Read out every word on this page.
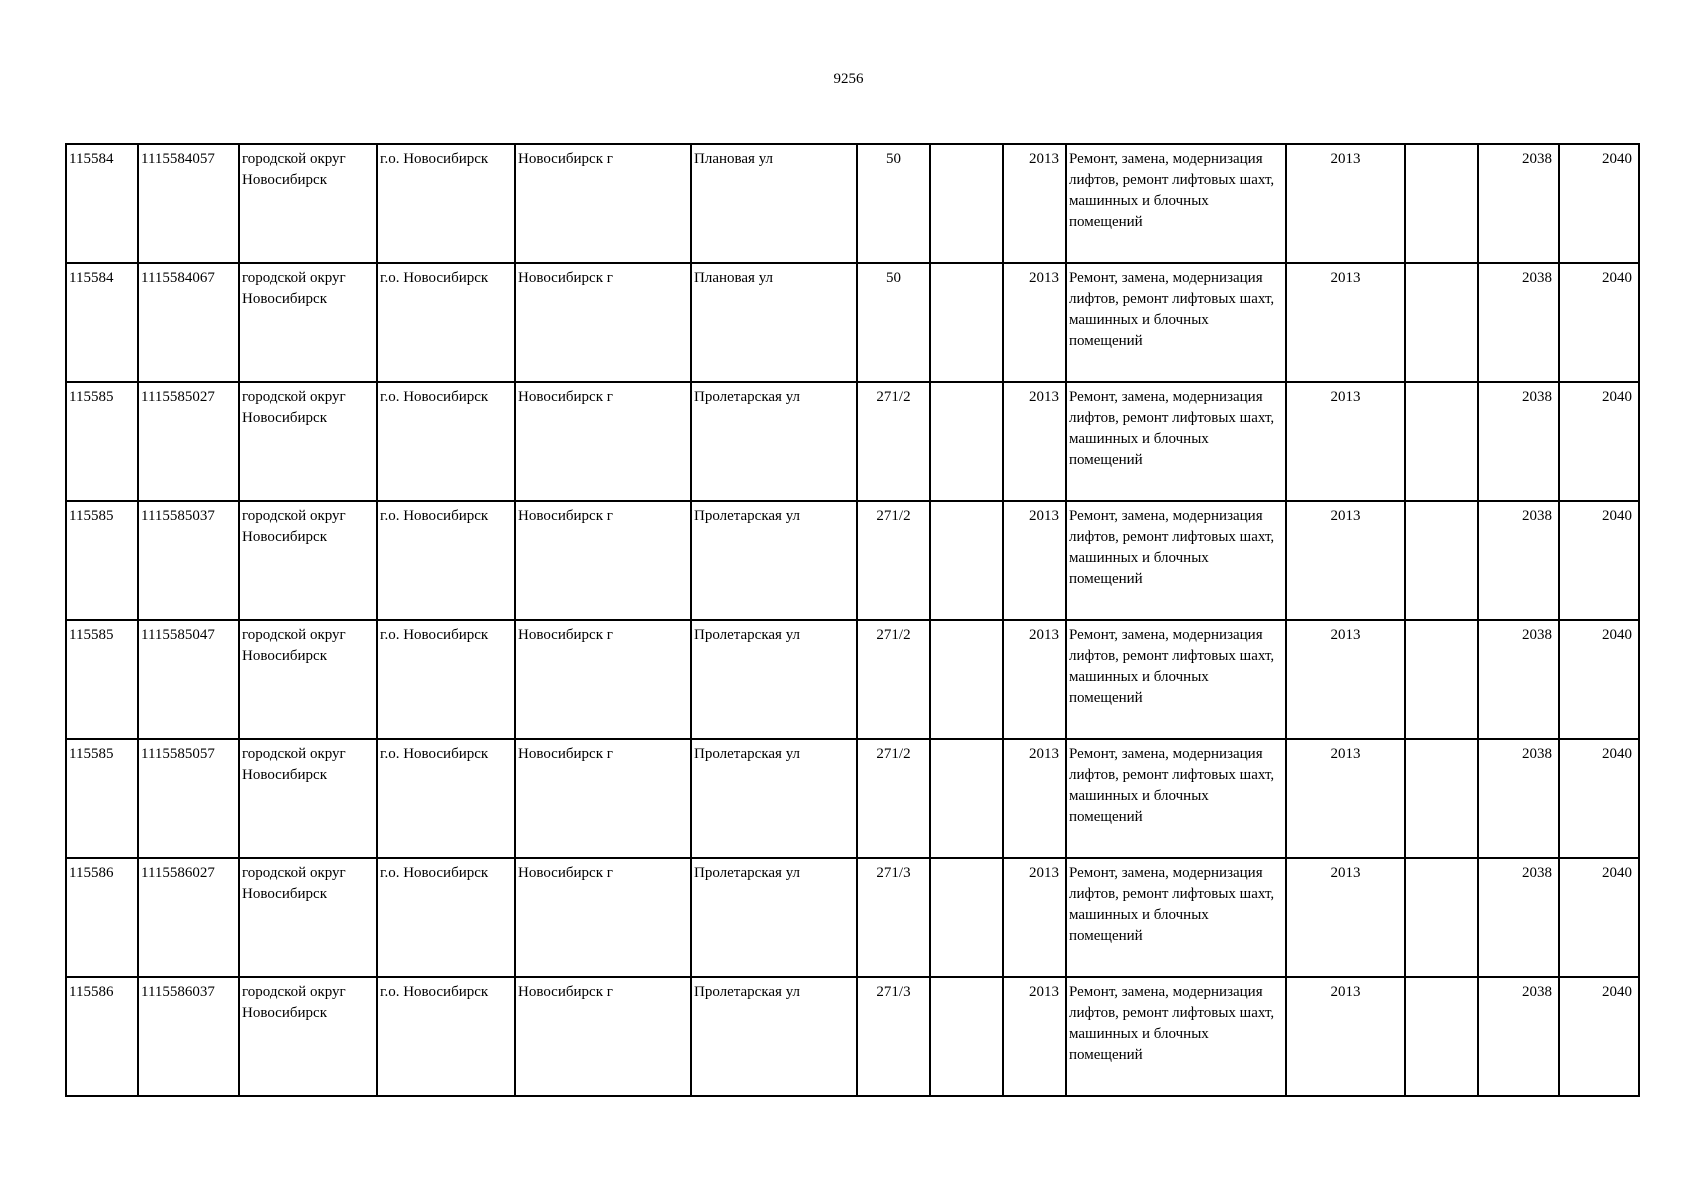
9256
115584	1115584057	городской округ Новосибирск	г.о. Новосибирск	Новосибирск г	Плановая ул	50		2013	Ремонт, замена, модернизация лифтов, ремонт лифтовых шахт, машинных и блочных помещений	2013		2038	2040
115584	1115584067	городской округ Новосибирск	г.о. Новосибирск	Новосибирск г	Плановая ул	50		2013	Ремонт, замена, модернизация лифтов, ремонт лифтовых шахт, машинных и блочных помещений	2013		2038	2040
115585	1115585027	городской округ Новосибирск	г.о. Новосибирск	Новосибирск г	Пролетарская ул	271/2		2013	Ремонт, замена, модернизация лифтов, ремонт лифтовых шахт, машинных и блочных помещений	2013		2038	2040
115585	1115585037	городской округ Новосибирск	г.о. Новосибирск	Новосибирск г	Пролетарская ул	271/2		2013	Ремонт, замена, модернизация лифтов, ремонт лифтовых шахт, машинных и блочных помещений	2013		2038	2040
115585	1115585047	городской округ Новосибирск	г.о. Новосибирск	Новосибирск г	Пролетарская ул	271/2		2013	Ремонт, замена, модернизация лифтов, ремонт лифтовых шахт, машинных и блочных помещений	2013		2038	2040
115585	1115585057	городской округ Новосибирск	г.о. Новосибирск	Новосибирск г	Пролетарская ул	271/2		2013	Ремонт, замена, модернизация лифтов, ремонт лифтовых шахт, машинных и блочных помещений	2013		2038	2040
115586	1115586027	городской округ Новосибирск	г.о. Новосибирск	Новосибирск г	Пролетарская ул	271/3		2013	Ремонт, замена, модернизация лифтов, ремонт лифтовых шахт, машинных и блочных помещений	2013		2038	2040
115586	1115586037	городской округ Новосибирск	г.о. Новосибирск	Новосибирск г	Пролетарская ул	271/3		2013	Ремонт, замена, модернизация лифтов, ремонт лифтовых шахт, машинных и блочных помещений	2013		2038	2040
